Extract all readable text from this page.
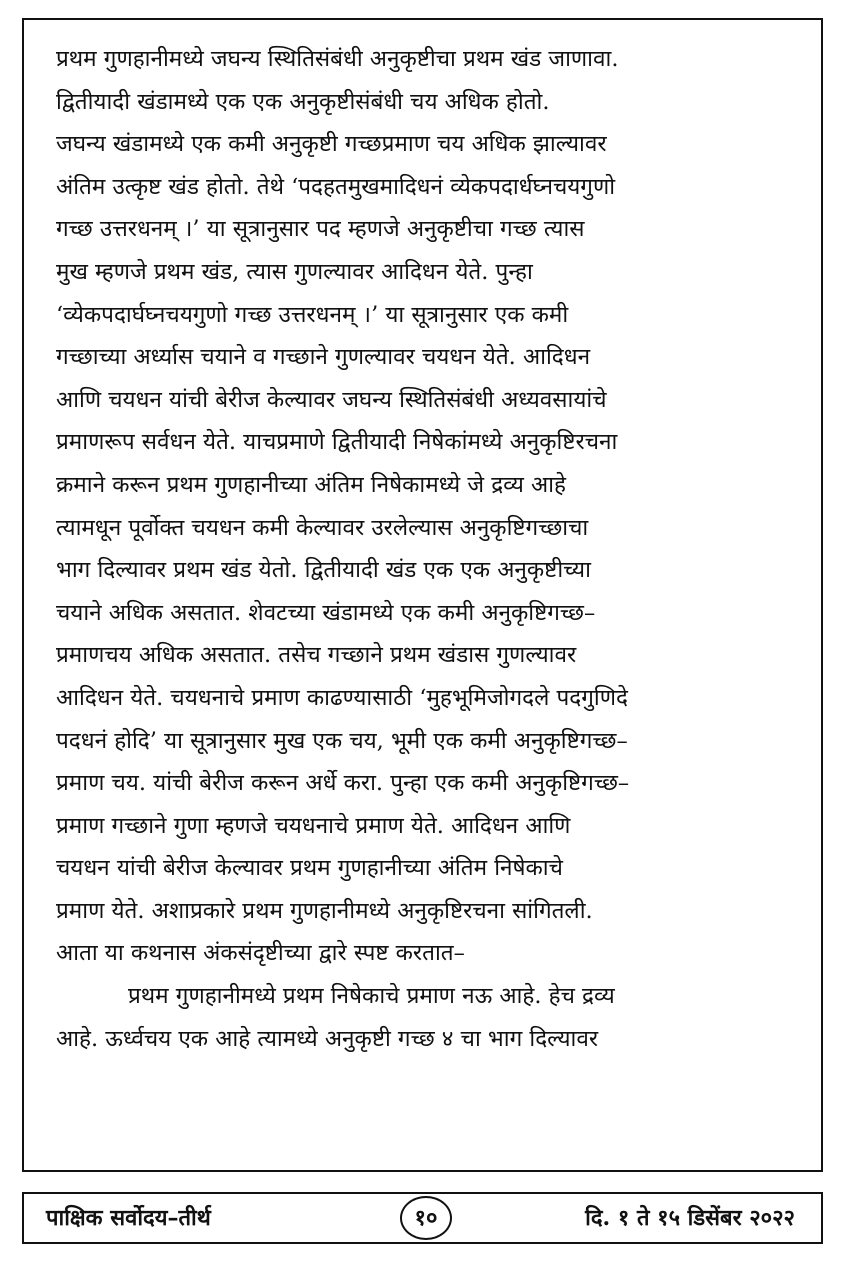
प्रथम गुणहानीमध्ये जघन्य स्थितिसंबंधी अनुकृष्टीचा प्रथम खंड जाणावा.
द्वितीयादी खंडामध्ये एक एक अनुकृष्टीसंबंधी चय अधिक होतो.
जघन्य खंडामध्ये एक कमी अनुकृष्टी गच्छप्रमाण चय अधिक झाल्यावर
अंतिम उत्कृष्ट खंड होतो. तेथे ‘पदहतमुखमादिधनं व्येकपदार्धघ्नचयगुणो
गच्छ उत्तरधनम् ।’ या सूत्रानुसार पद म्हणजे अनुकृष्टीचा गच्छ त्यास
मुख म्हणजे प्रथम खंड, त्यास गुणल्यावर आदिधन येते. पुन्हा
‘व्येकपदार्घघ्नचयगुणो गच्छ उत्तरधनम् ।’ या सूत्रानुसार एक कमी
गच्छाच्या अर्ध्यास चयाने व गच्छाने गुणल्यावर चयधन येते. आदिधन
आणि चयधन यांची बेरीज केल्यावर जघन्य स्थितिसंबंधी अध्यवसायांचे
प्रमाणरूप सर्वधन येते. याचप्रमाणे द्वितीयादी निषेकांमध्ये अनुकृष्टिरचना
क्रमाने करून प्रथम गुणहानीच्या अंतिम निषेकामध्ये जे द्रव्य आहे
त्यामधून पूर्वोक्त चयधन कमी केल्यावर उरलेल्यास अनुकृष्टिगच्छाचा
भाग दिल्यावर प्रथम खंड येतो. द्वितीयादी खंड एक एक अनुकृष्टीच्या
चयाने अधिक असतात. शेवटच्या खंडामध्ये एक कमी अनुकृष्टिगच्छ–
प्रमाणचय अधिक असतात. तसेच गच्छाने प्रथम खंडास गुणल्यावर
आदिधन येते. चयधनाचे प्रमाण काढण्यासाठी ‘मुहभूमिजोगदले पदगुणिदे
पदधनं होदि’ या सूत्रानुसार मुख एक चय, भूमी एक कमी अनुकृष्टिगच्छ–
प्रमाण चय. यांची बेरीज करून अर्धे करा. पुन्हा एक कमी अनुकृष्टिगच्छ–
प्रमाण गच्छाने गुणा म्हणजे चयधनाचे प्रमाण येते. आदिधन आणि
चयधन यांची बेरीज केल्यावर प्रथम गुणहानीच्या अंतिम निषेकाचे
प्रमाण येते. अशाप्रकारे प्रथम गुणहानीमध्ये अनुकृष्टिरचना सांगितली.
आता या कथनास अंकसंदृष्टीच्या द्वारे स्पष्ट करतात–
प्रथम गुणहानीमध्ये प्रथम निषेकाचे प्रमाण नऊ आहे. हेच द्रव्य
आहे. ऊर्ध्वचय एक आहे त्यामध्ये अनुकृष्टी गच्छ ४ चा भाग दिल्यावर
पाक्षिक सर्वोदय–तीर्थ	१०	दि. १ ते १५ डिसेंबर २०२२
